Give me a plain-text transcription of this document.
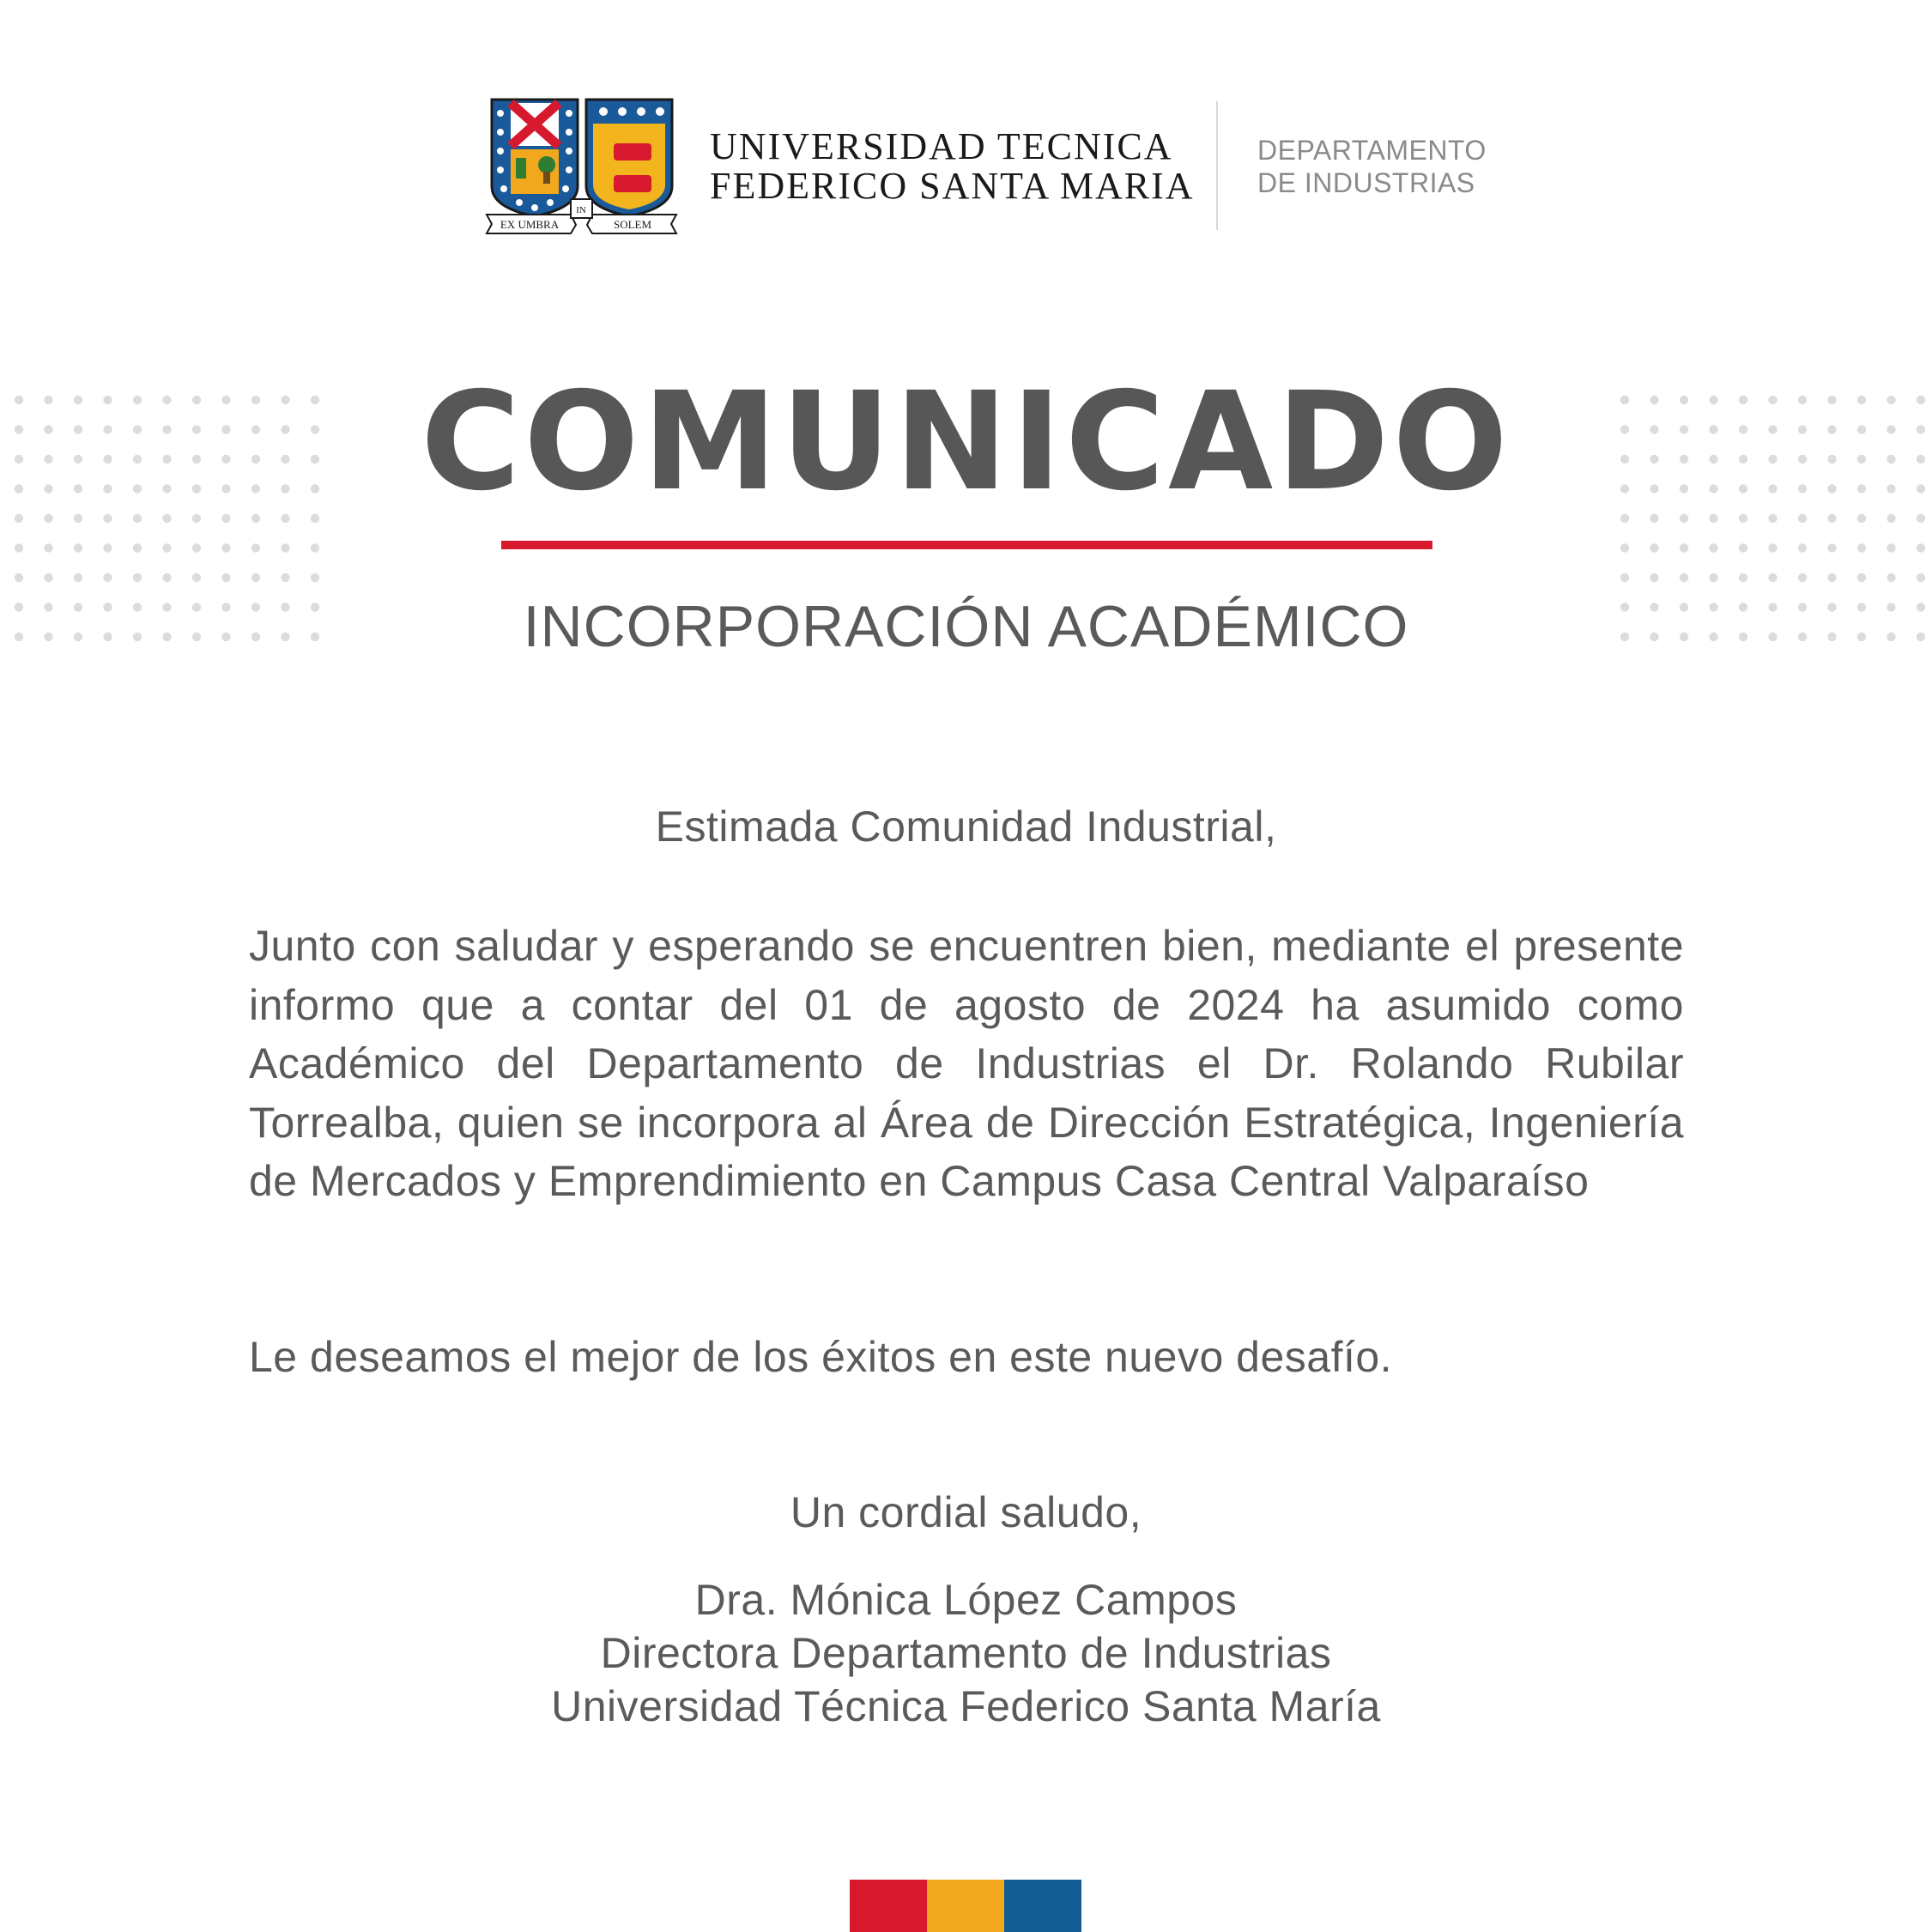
EX UMBRA
IN
SOLEM
UNIVERSIDAD TECNICA
FEDERICO SANTA MARIA
DEPARTAMENTO
DE INDUSTRIAS
COMUNICADO
INCORPORACIÓN ACADÉMICO
Estimada Comunidad Industrial,
Junto con saludar y esperando se encuentren bien, mediante el presente informo que a contar del 01 de agosto de 2024 ha asumido como Académico del Departamento de Industrias el Dr. Rolando Rubilar Torrealba, quien se incorpora al Área de Dirección Estratégica, Ingeniería de Mercados y Emprendimiento en Campus Casa Central Valparaíso
Le deseamos el mejor de los éxitos en este nuevo desafío.
Un cordial saludo,
Dra. Mónica López Campos
Directora Departamento de Industrias
Universidad Técnica Federico Santa María
